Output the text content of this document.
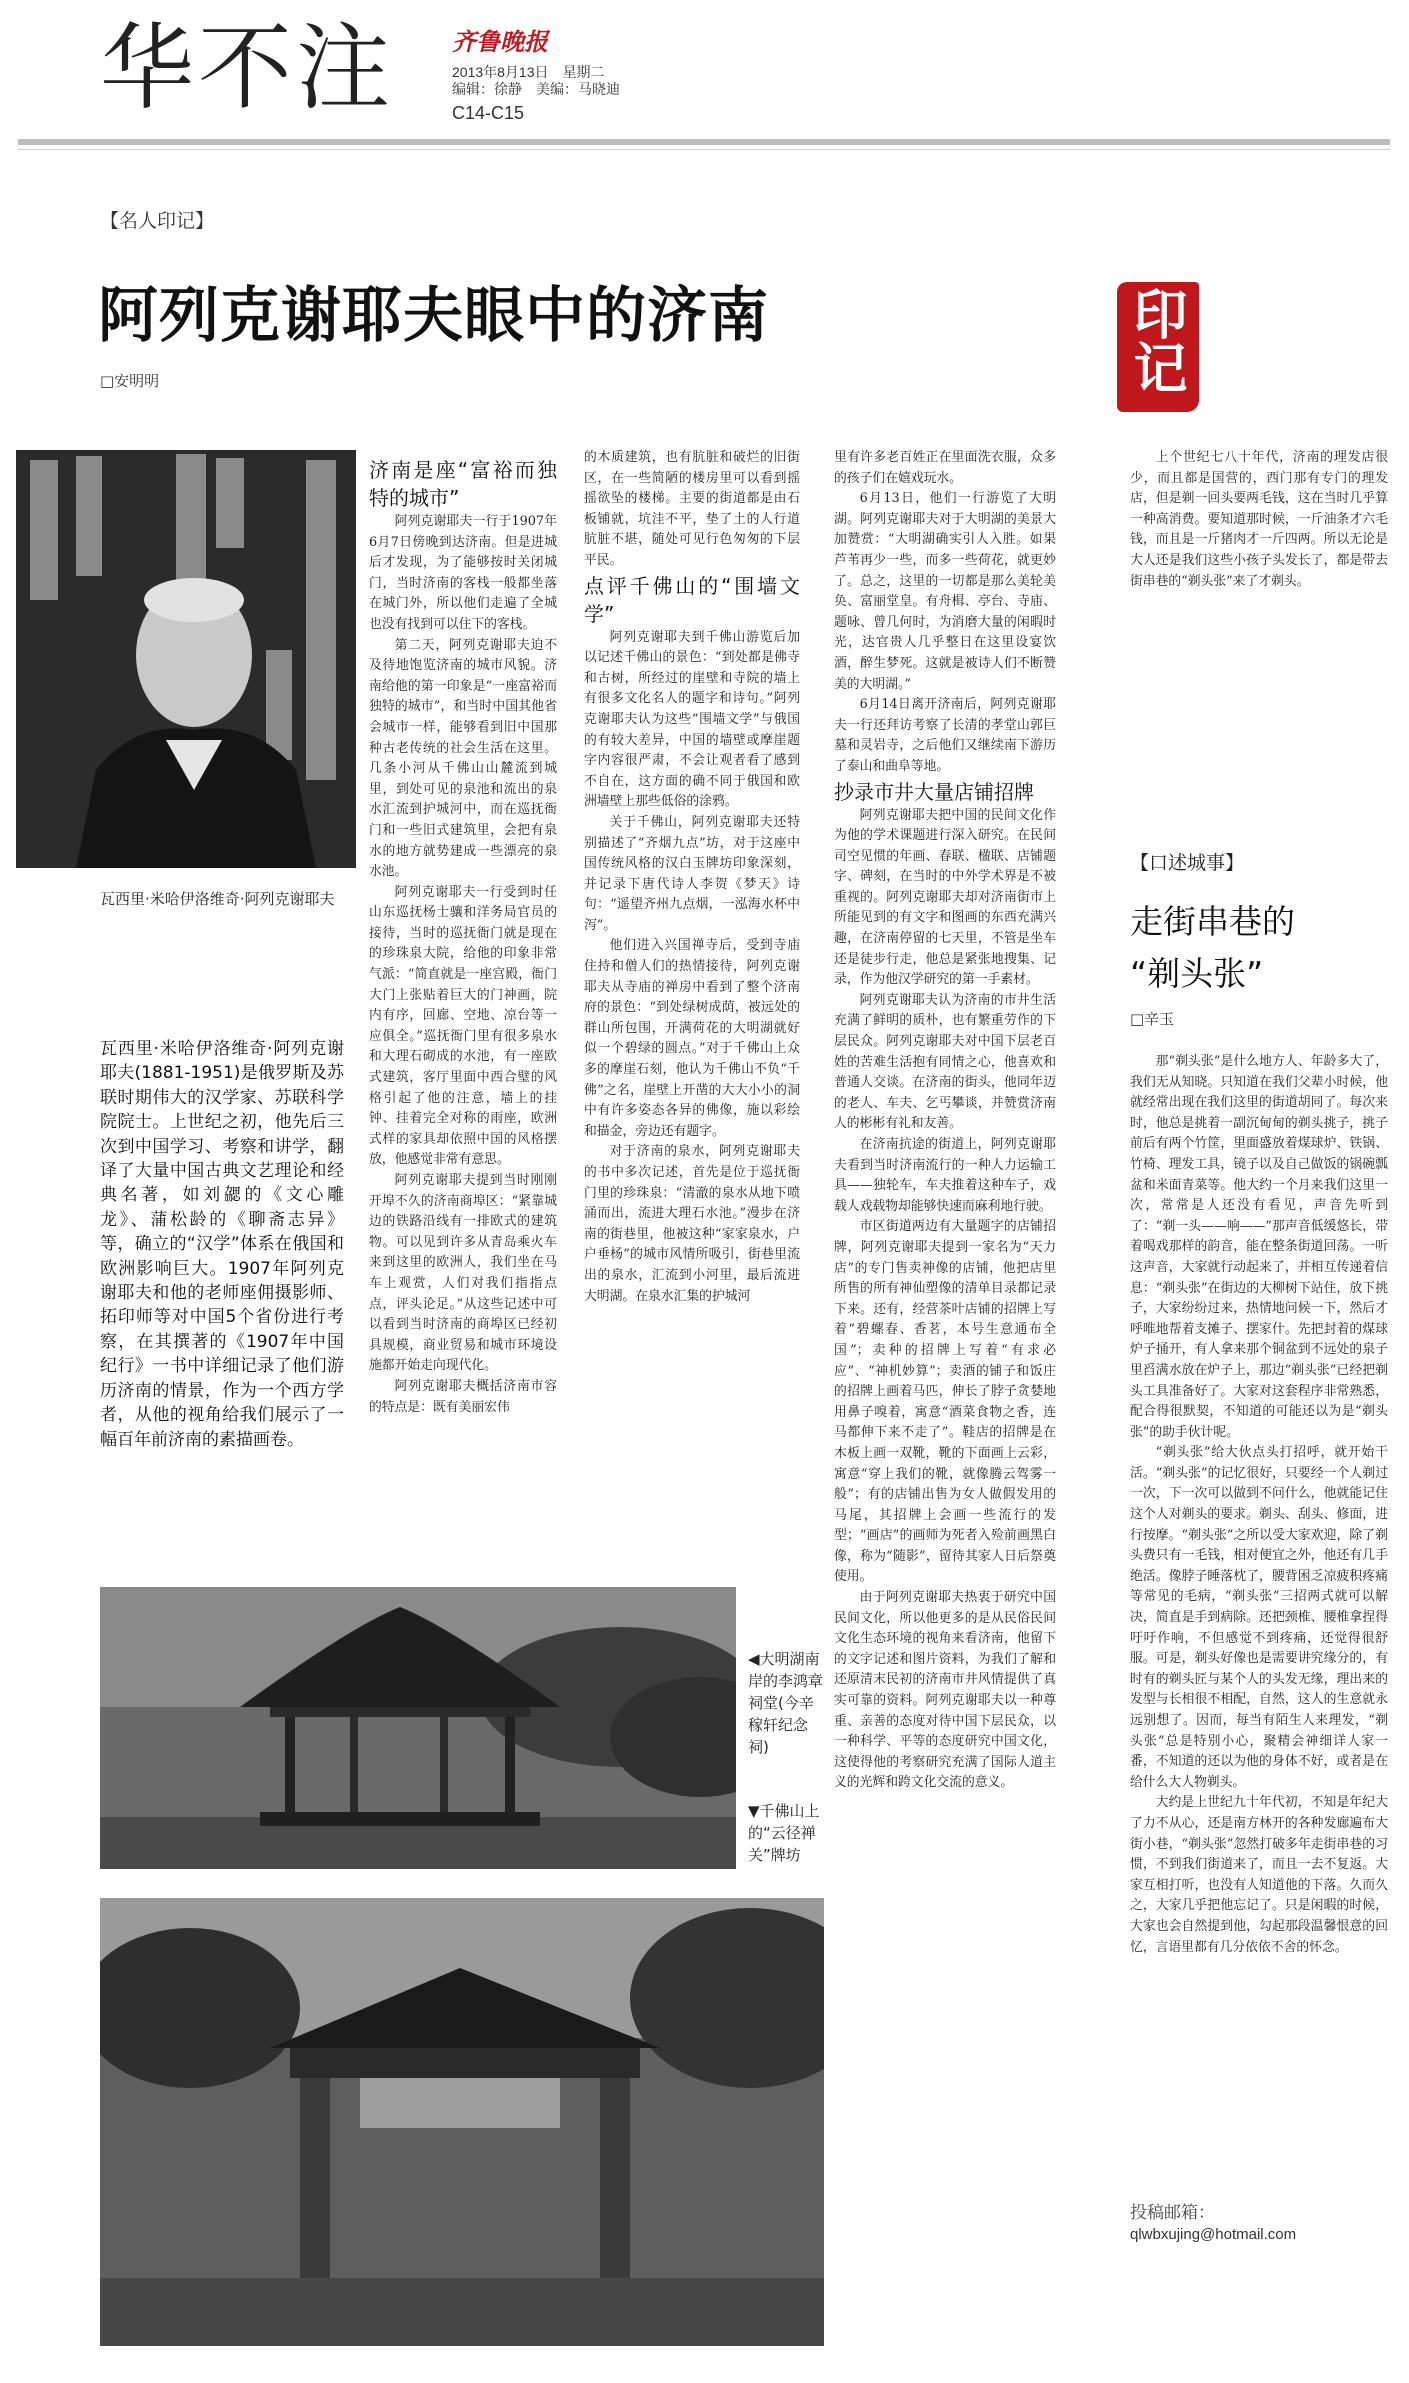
华不注 齐鲁晚报
2013年8月13日　星期二
编辑：徐静　美编：马晓迪
C14-C15
【名人印记】
阿列克谢耶夫眼中的济南
□安明明	印记
瓦西里·米哈伊洛维奇·阿列克谢耶夫
瓦西里·米哈伊洛维奇·阿列克谢耶夫(1881-1951)是俄罗斯及苏联时期伟大的汉学家、苏联科学院院士。上世纪之初，他先后三次到中国学习、考察和讲学，翻译了大量中国古典文艺理论和经典名著，如刘勰的《文心雕龙》、蒲松龄的《聊斋志异》等，确立的“汉学”体系在俄国和欧洲影响巨大。1907年阿列克谢耶夫和他的老师座佣摄影师、拓印师等对中国5个省份进行考察，在其撰著的《1907年中国纪行》一书中详细记录了他们游历济南的情景，作为一个西方学者，从他的视角给我们展示了一幅百年前济南的素描画卷。

济南是座“富裕而独特的城市”

阿列克谢耶夫一行于1907年6月7日傍晚到达济南。但是进城后才发现，为了能够按时关闭城门，当时济南的客栈一般都坐落在城门外，所以他们走遍了全城也没有找到可以住下的客栈。

第二天，阿列克谢耶夫迫不及待地饱览济南的城市风貌。济南给他的第一印象是“一座富裕而独特的城市”，和当时中国其他省会城市一样，能够看到旧中国那种古老传统的社会生活在这里。几条小河从千佛山山麓流到城里，到处可见的泉池和流出的泉水汇流到护城河中，而在巡抚衙门和一些旧式建筑里，会把有泉水的地方就势建成一些漂亮的泉水池。

阿列克谢耶夫一行受到时任山东巡抚杨士骧和洋务局官员的接待，当时的巡抚衙门就是现在的珍珠泉大院，给他的印象非常气派：“简直就是一座宫殿，衙门大门上张贴着巨大的门神画，院内有序，回廊、空地、凉台等一应俱全。”巡抚衙门里有很多泉水和大理石砌成的水池，有一座欧式建筑，客厅里面中西合璧的风格引起了他的注意，墙上的挂钟、挂着完全对称的雨座，欧洲式样的家具却依照中国的风格摆放，他感觉非常有意思。

阿列克谢耶夫提到当时刚刚开埠不久的济南商埠区：“紧靠城边的铁路沿线有一排欧式的建筑物。可以见到许多从青岛乘火车来到这里的欧洲人，我们坐在马车上观赏，人们对我们指指点点，评头论足。”从这些记述中可以看到当时济南的商埠区已经初具规模，商业贸易和城市环境设施都开始走向现代化。

阿列克谢耶夫概括济南市容的特点是：既有美丽宏伟

的木质建筑，也有肮脏和破烂的旧街区，在一些简陋的楼房里可以看到摇摇欲坠的楼梯。主要的街道都是由石板铺就，坑洼不平，垫了土的人行道肮脏不堪，随处可见行色匆匆的下层平民。

点评千佛山的“围墙文学”

阿列克谢耶夫到千佛山游览后加以记述千佛山的景色：“到处都是佛寺和古树，所经过的崖壁和寺院的墙上有很多文化名人的题字和诗句。”阿列克谢耶夫认为这些“围墙文学”与俄国的有较大差异，中国的墙壁或摩崖题字内容很严肃，不会让观者看了感到不自在，这方面的确不同于俄国和欧洲墙壁上那些低俗的涂鸦。

关于千佛山，阿列克谢耶夫还特别描述了“齐烟九点”坊，对于这座中国传统风格的汉白玉牌坊印象深刻，并记录下唐代诗人李贺《梦天》诗句：“遥望齐州九点烟，一泓海水杯中泻”。

他们进入兴国禅寺后，受到寺庙住持和僧人们的热情接待，阿列克谢耶夫从寺庙的禅房中看到了整个济南府的景色：“到处绿树成荫，被远处的群山所包围，开满荷花的大明湖就好似一个碧绿的圆点。”对于千佛山上众多的摩崖石刻，他认为千佛山不负“千佛”之名，崖壁上开凿的大大小小的洞中有许多姿态各异的佛像，施以彩绘和描金，旁边还有题字。

对于济南的泉水，阿列克谢耶夫的书中多次记述，首先是位于巡抚衙门里的珍珠泉：“清澈的泉水从地下喷涌而出，流进大理石水池。”漫步在济南的街巷里，他被这种“家家泉水，户户垂杨”的城市风情所吸引，街巷里流出的泉水，汇流到小河里，最后流进大明湖。在泉水汇集的护城河

里有许多老百姓正在里面洗衣服，众多的孩子们在嬉戏玩水。

6月13日，他们一行游览了大明湖。阿列克谢耶夫对于大明湖的美景大加赞赏：“大明湖确实引人入胜。如果芦苇再少一些，而多一些荷花，就更妙了。总之，这里的一切都是那么美轮美奂、富丽堂皇。有舟楫、亭台、寺庙、题咏、曾几何时，为消磨大量的闲暇时光，达官贵人几乎整日在这里设宴饮酒，醉生梦死。这就是被诗人们不断赞美的大明湖。”

6月14日离开济南后，阿列克谢耶夫一行还拜访考察了长清的孝堂山郭巨墓和灵岩寺，之后他们又继续南下游历了泰山和曲阜等地。

抄录市井大量店铺招牌

阿列克谢耶夫把中国的民间文化作为他的学术课题进行深入研究。在民间司空见惯的年画、春联、楹联、店铺题字、碑刻，在当时的中外学术界是不被重视的。阿列克谢耶夫却对济南街市上所能见到的有文字和图画的东西充满兴趣，在济南停留的七天里，不管是坐车还是徒步行走，他总是紧张地搜集、记录，作为他汉学研究的第一手素材。

阿列克谢耶夫认为济南的市井生活充满了鲜明的质朴，也有繁重劳作的下层民众。阿列克谢耶夫对中国下层老百姓的苦难生活抱有同情之心，他喜欢和普通人交谈。在济南的街头，他同年迈的老人、车夫、乞丐攀谈，并赞赏济南人的彬彬有礼和友善。

在济南抗途的街道上，阿列克谢耶夫看到当时济南流行的一种人力运输工具——独轮车，车夫推着这种车子，戏载人戏载物却能够快速而麻利地行驶。

市区街道两边有大量题字的店铺招牌，阿列克谢耶夫提到一家名为“天力店”的专门售卖神像的店铺，他把店里所售的所有神仙塑像的清单目录都记录下来。还有，经营茶叶店铺的招牌上写着“碧螺春、香茗，本号生意通布全国”；卖种的招牌上写着“有求必应”、“神机妙算”；卖酒的铺子和饭庄的招牌上画着马匹，伸长了脖子贪婪地用鼻子嗅着，寓意“酒菜食物之香，连马都伸下来不走了”。鞋店的招牌是在木板上画一双靴，靴的下面画上云彩，寓意“穿上我们的靴，就像腾云驾雾一般”；有的店铺出售为女人做假发用的马尾，其招牌上会画一些流行的发型；“画店”的画师为死者入殓前画黑白像，称为“随影”，留待其家人日后祭奠使用。

由于阿列克谢耶夫热衷于研究中国民间文化，所以他更多的是从民俗民间文化生态环境的视角来看济南，他留下的文字记述和图片资料，为我们了解和还原清末民初的济南市井风情提供了真实可靠的资料。阿列克谢耶夫以一种尊重、亲善的态度对待中国下层民众，以一种科学、平等的态度研究中国文化，这使得他的考察研究充满了国际人道主义的光辉和跨文化交流的意义。

◀大明湖南岸的李鸿章祠堂(今辛稼轩纪念祠)
▼千佛山上的“云径禅关”牌坊

上个世纪七八十年代，济南的理发店很少，而且都是国营的，西门那有专门的理发店，但是剃一回头要两毛钱，这在当时几乎算一种高消费。要知道那时候，一斤油条才六毛钱，而且是一斤猪肉才一斤四两。所以无论是大人还是我们这些小孩子头发长了，都是带去街串巷的“剃头张”来了才剃头。

【口述城事】
走街串巷的
“剃头张”
□辛玉

那“剃头张”是什么地方人、年龄多大了，我们无从知晓。只知道在我们父辈小时候，他就经常出现在我们这里的街道胡同了。每次来时，他总是挑着一副沉甸甸的剃头挑子，挑子前后有两个竹筐，里面盛放着煤球炉、铁锅、竹椅、理发工具，镜子以及自己做饭的锅碗瓢盆和米面青菜等。他大约一个月来我们这里一次，常常是人还没有看见，声音先听到了：“剃一头——响——”那声音低缓悠长，带着喝戏那样的韵音，能在整条街道回荡。一听这声音，大家就行动起来了，并相互传递着信息：“剃头张”在街边的大柳树下站住，放下挑子，大家纷纷过来，热情地问候一下，然后才呼唯地帮着支摊子、摆家什。先把封着的煤球炉子捅开，有人拿来那个铜盆到不远处的泉子里舀满水放在炉子上，那边“剃头张”已经把剃头工具准备好了。大家对这套程序非常熟悉，配合得很默契，不知道的可能还以为是“剃头张”的助手伙计呢。

“剃头张”给大伙点头打招呼，就开始干活。“剃头张”的记忆很好，只要经一个人剃过一次，下一次可以做到不问什么，他就能记住这个人对剃头的要求。剃头、刮头、修面，进行按摩。“剃头张”之所以受大家欢迎，除了剃头费只有一毛钱，相对便宜之外，他还有几手绝活。像脖子睡落枕了，腰背困乏凉疲积疼痛等常见的毛病，“剃头张”三招两式就可以解决，简直是手到病除。还把颈椎、腰椎拿捏得吁吁作响，不但感觉不到疼痛，还觉得很舒服。可是，剃头好像也是需要讲究缘分的，有时有的剃头匠与某个人的头发无缘，理出来的发型与长相很不相配，自然，这人的生意就永远别想了。因而，每当有陌生人来理发，“剃头张”总是特别小心，聚精会神细详人家一番，不知道的还以为他的身体不好，或者是在给什么大人物剃头。

大约是上世纪九十年代初，不知是年纪大了力不从心，还是南方林开的各种发廊遍布大街小巷，“剃头张”忽然打破多年走街串巷的习惯，不到我们街道来了，而且一去不复返。大家互相打听，也没有人知道他的下落。久而久之，大家几乎把他忘记了。只是闲暇的时候，大家也会自然提到他，勾起那段温馨恨意的回忆，言语里都有几分依依不舍的怀念。

投稿邮箱：
qlwbxujing@hotmail.com
